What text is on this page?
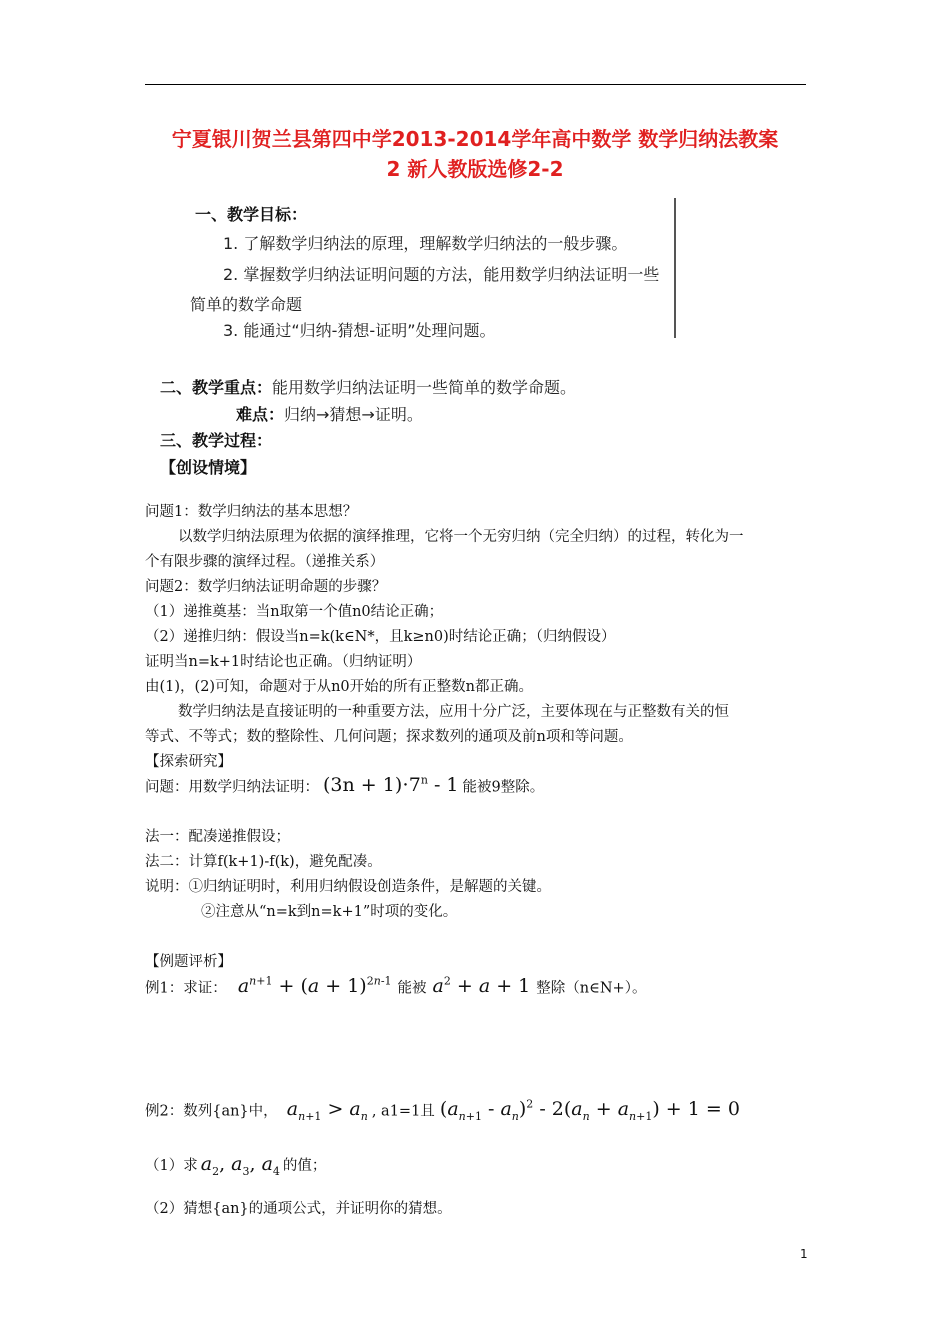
宁夏银川贺兰县第四中学2013-2014学年高中数学 数学归纳法教案
2 新人教版选修2-2
一、教学目标：
1. 了解数学归纳法的原理，理解数学归纳法的一般步骤。
2. 掌握数学归纳法证明问题的方法，能用数学归纳法证明一些
简单的数学命题
3. 能通过“归纳-猜想-证明”处理问题。
二、教学重点：能用数学归纳法证明一些简单的数学命题。
难点：归纳→猜想→证明。
三、教学过程：
【创设情境】
问题1：数学归纳法的基本思想？
以数学归纳法原理为依据的演绎推理，它将一个无穷归纳（完全归纳）的过程，转化为一
个有限步骤的演绎过程。（递推关系）
问题2：数学归纳法证明命题的步骤？
（1）递推奠基：当n取第一个值n0结论正确；
（2）递推归纳：假设当n=k(k∈N*，且k≥n0)时结论正确；（归纳假设）
证明当n=k+1时结论也正确。（归纳证明）
由(1)，(2)可知，命题对于从n0开始的所有正整数n都正确。
数学归纳法是直接证明的一种重要方法，应用十分广泛，主要体现在与正整数有关的恒
等式、不等式；数的整除性、几何问题；探求数列的通项及前n项和等问题。
【探索研究】
问题：用数学归纳法证明： $(3n + 1)\cdot 7^n - 1$ 能被9整除。
法一：配凑递推假设；
法二：计算f(k+1)-f(k)，避免配凑。
说明：①归纳证明时，利用归纳假设创造条件，是解题的关键。
②注意从“n=k到n=k+1”时项的变化。
【例题评析】
例1：求证： $a^{n+1} + (a + 1)^{2n-1}$ 能被 $a^2 + a + 1$ 整除（n∈N+）。
例2：数列{an}中， $a_{n+1} > a_n$ , a1=1且 $(a_{n+1} - a_n)^2 - 2(a_n + a_{n+1}) + 1 = 0$
（1）求 $a_2$, $a_3$, $a_4$ 的值；
（2）猜想{an}的通项公式，并证明你的猜想。
1
